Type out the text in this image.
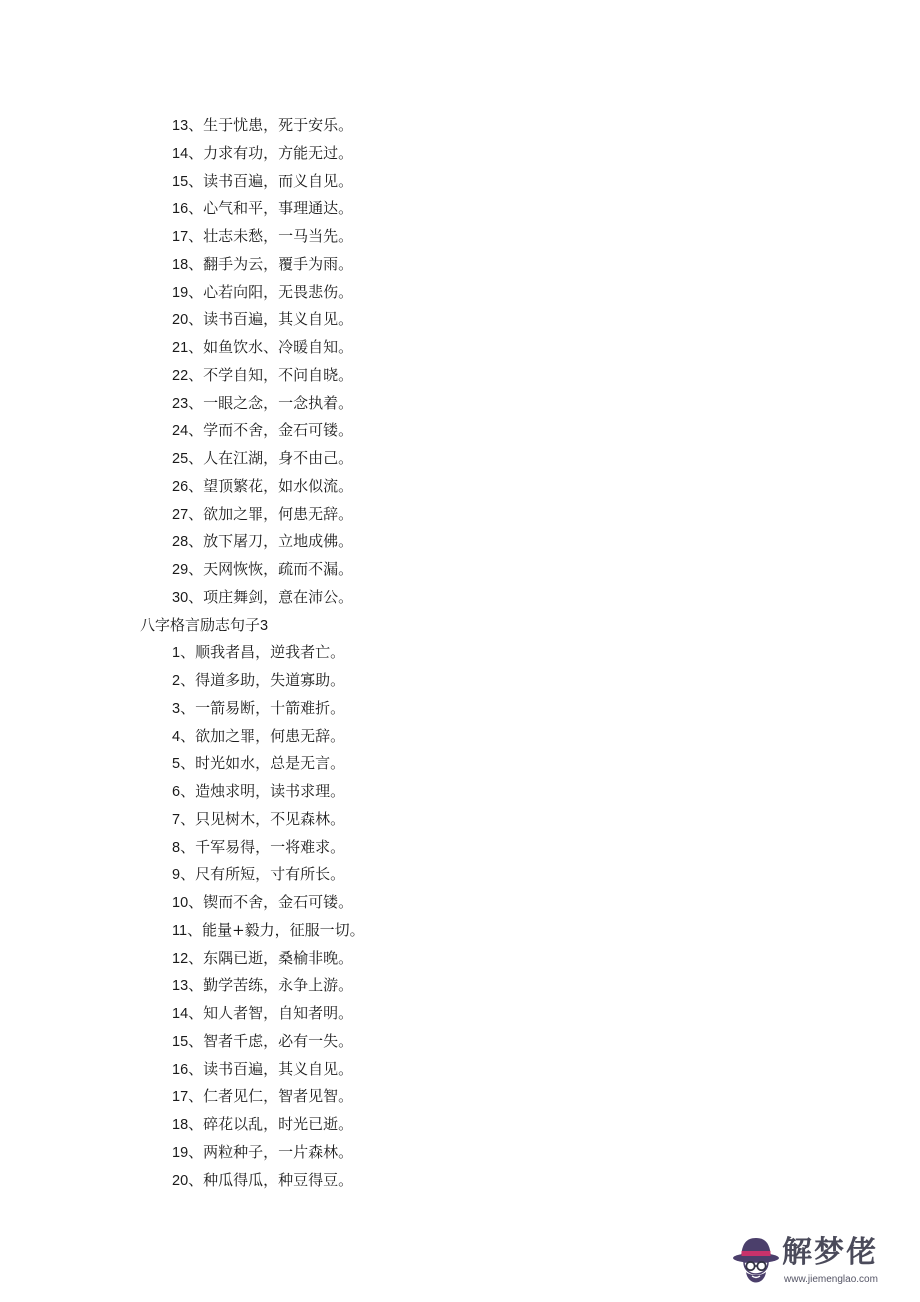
13、生于忧患，死于安乐。
14、力求有功，方能无过。
15、读书百遍，而义自见。
16、心气和平，事理通达。
17、壮志未愁，一马当先。
18、翻手为云，覆手为雨。
19、心若向阳，无畏悲伤。
20、读书百遍，其义自见。
21、如鱼饮水、冷暖自知。
22、不学自知，不问自晓。
23、一眼之念，一念执着。
24、学而不舍，金石可镂。
25、人在江湖，身不由己。
26、望顶繁花，如水似流。
27、欲加之罪，何患无辞。
28、放下屠刀，立地成佛。
29、天网恢恢，疏而不漏。
30、项庄舞剑，意在沛公。
八字格言励志句子3
1、顺我者昌，逆我者亡。
2、得道多助，失道寡助。
3、一箭易断，十箭难折。
4、欲加之罪，何患无辞。
5、时光如水，总是无言。
6、造烛求明，读书求理。
7、只见树木，不见森林。
8、千军易得，一将难求。
9、尺有所短，寸有所长。
10、锲而不舍，金石可镂。
11、能量+毅力，征服一切。
12、东隅已逝，桑榆非晚。
13、勤学苦练，永争上游。
14、知人者智，自知者明。
15、智者千虑，必有一失。
16、读书百遍，其义自见。
17、仁者见仁，智者见智。
18、碎花以乱，时光已逝。
19、两粒种子，一片森林。
20、种瓜得瓜，种豆得豆。
解梦佬
www.jiemenglao.com
